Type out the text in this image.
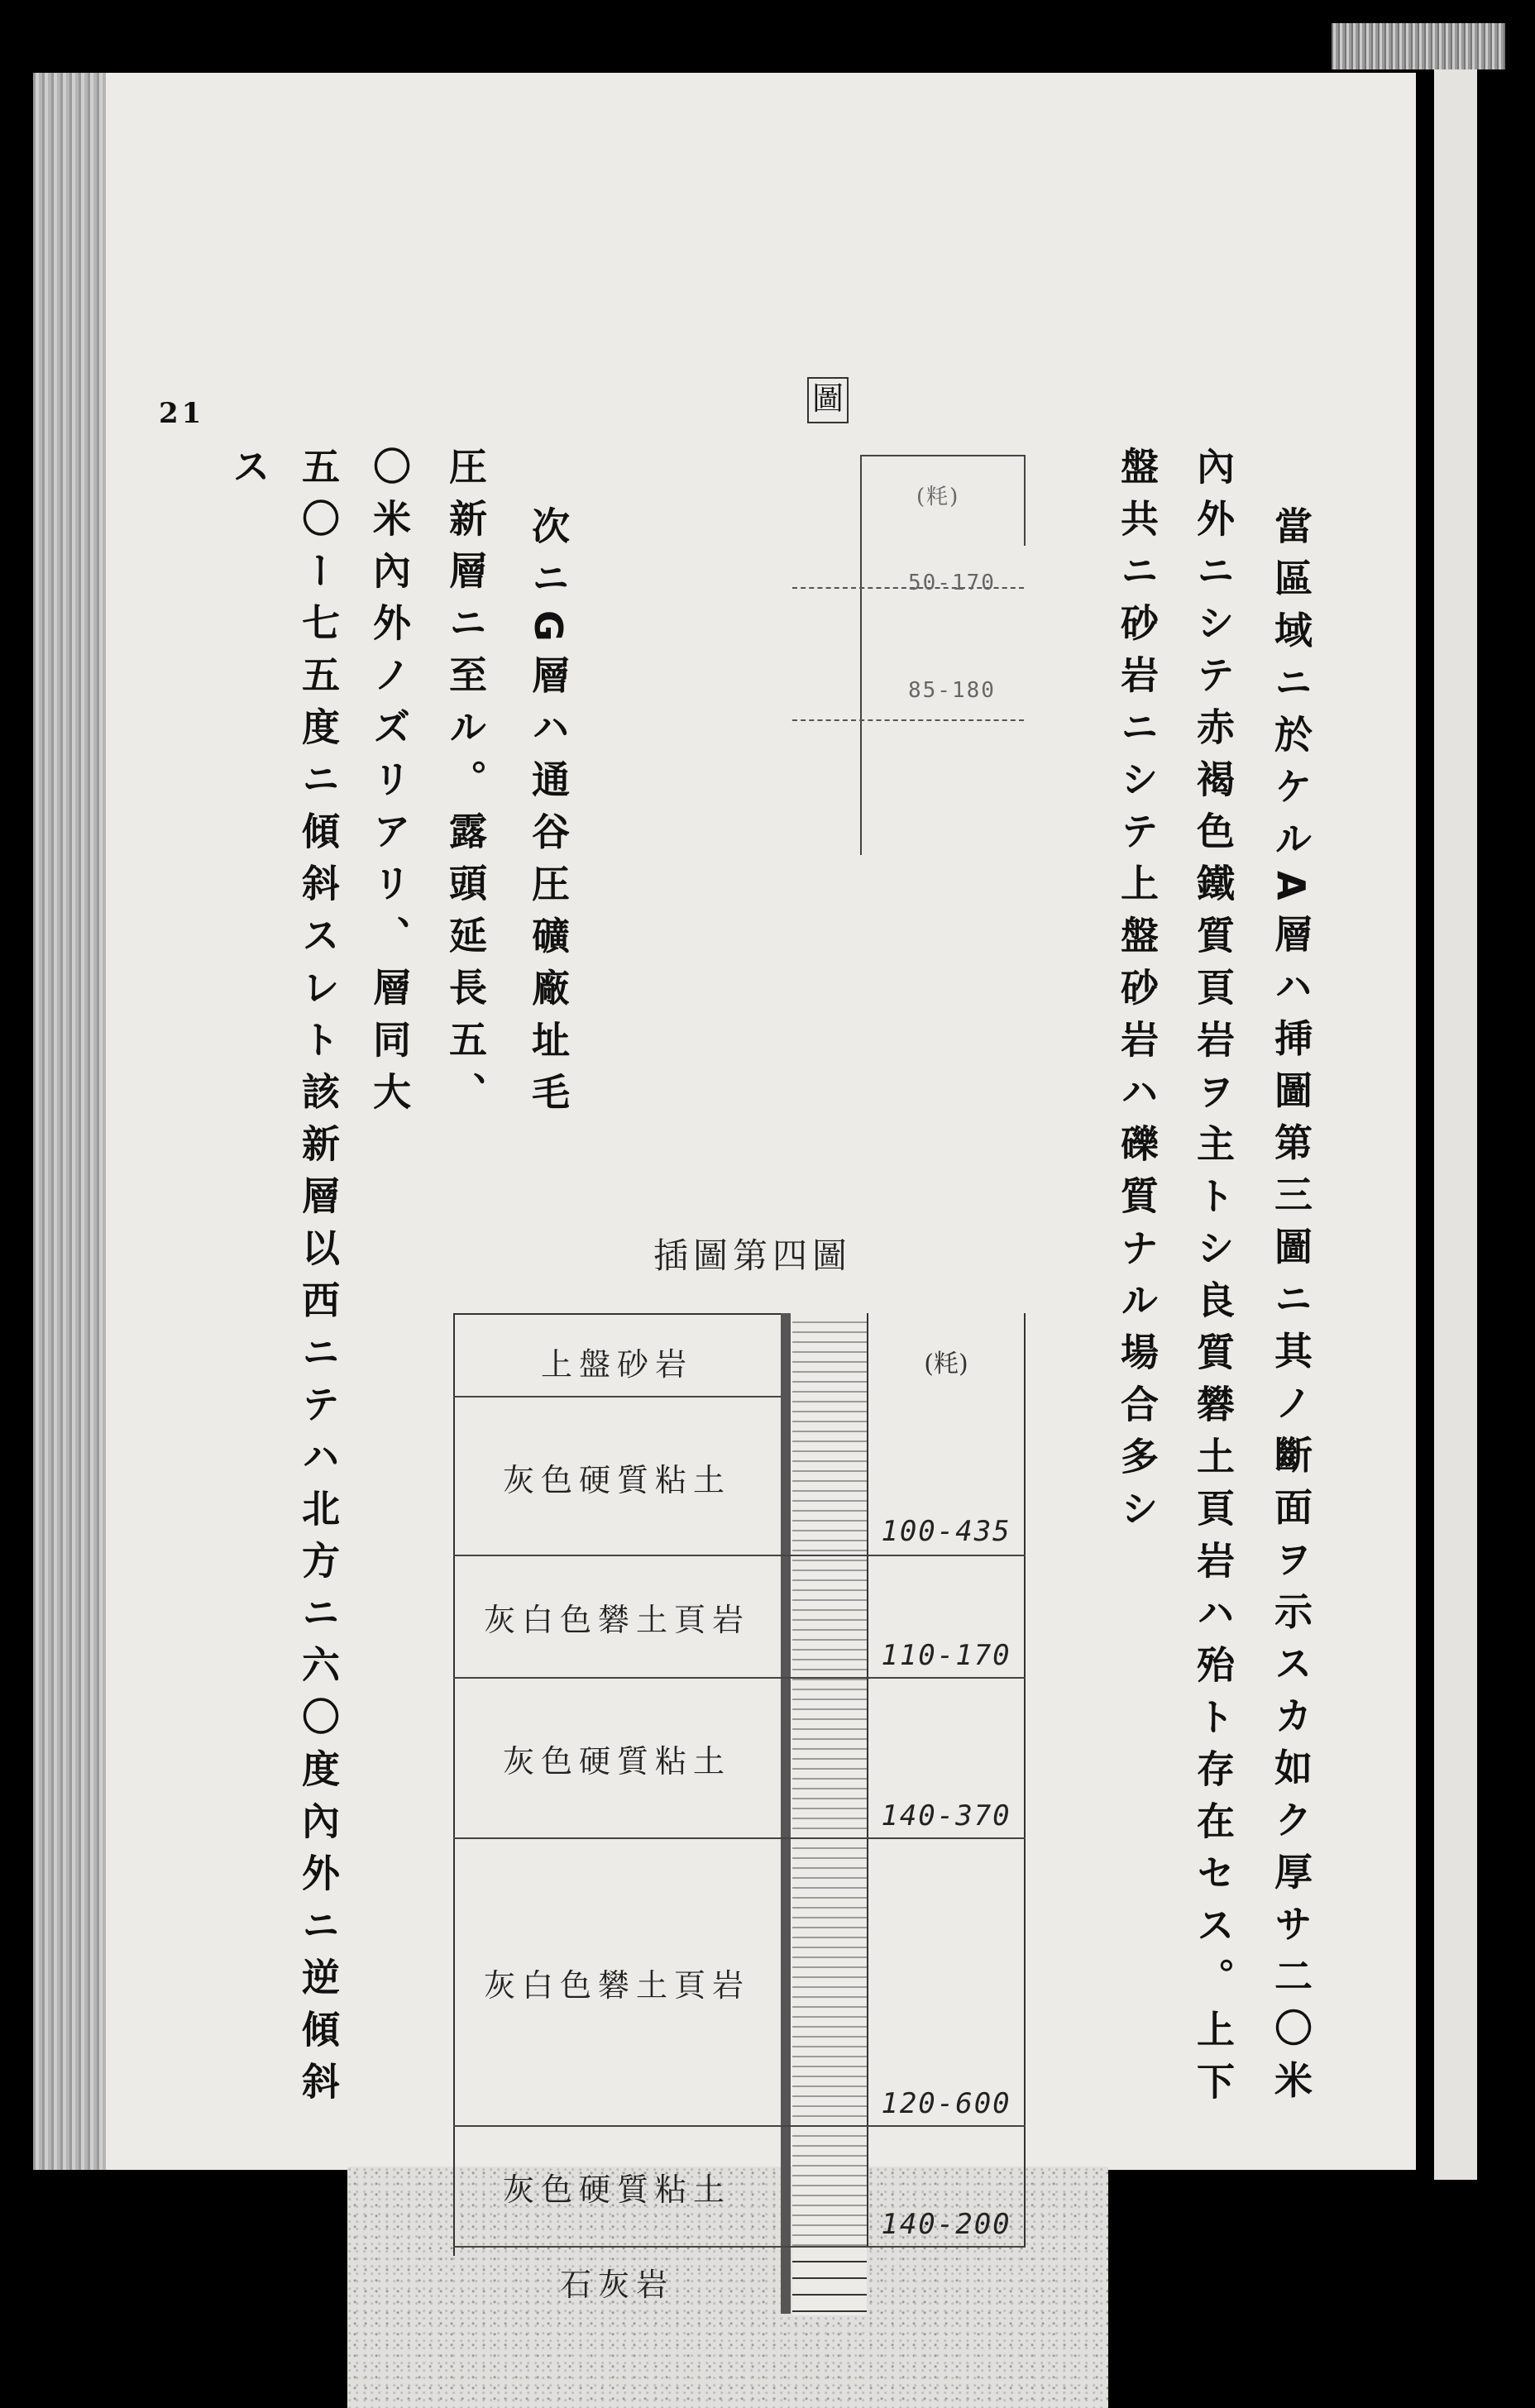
21
當區域ニ於ケルA層ハ挿圖第三圖ニ其ノ斷面ヲ示スカ如ク厚サ二〇米
內外ニシテ赤褐色鐵質頁岩ヲ主トシ良質礬土頁岩ハ殆ト存在セス。上下
盤共ニ砂岩ニシテ上盤砂岩ハ礫質ナル場合多シ
次ニG層ハ通谷圧礦廠址毛
圧新層ニ至ル。露頭延長五、
〇米內外ノズリアリ、層同大
五〇ー七五度ニ傾斜スレト該新層以西ニテハ北方ニ六〇度內外ニ逆傾斜
ス
圖
(粍)
50-170
85-180
插圖第四圖
上盤砂岩
灰色硬質粘土
灰白色礬土頁岩
灰色硬質粘土
灰白色礬土頁岩
灰色硬質粘土
石灰岩
(粍)
100-435
110-170
140-370
120-600
140-200
